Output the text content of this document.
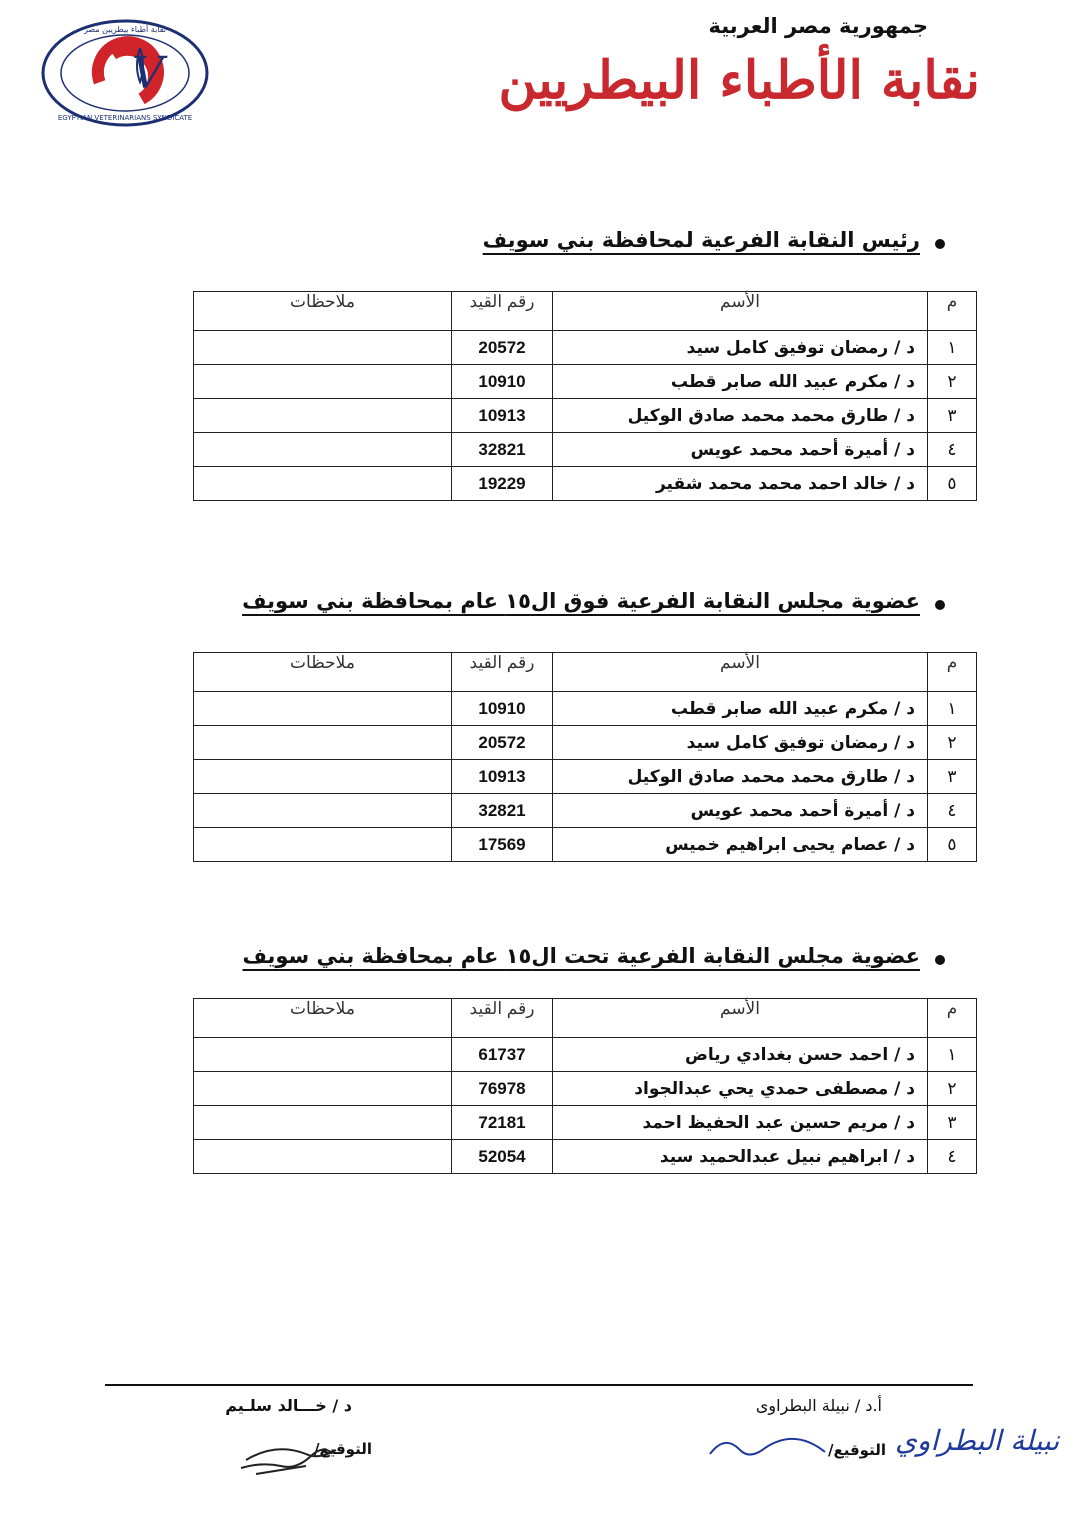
V
EGYPTIAN VETERINARIANS SYNDICATE
نقابة أطباء بيطريين مصر	جمهورية مصر العربية
نقابة الأطباء البيطريين
رئيس النقابة الفرعية لمحافظة بني سويف
م	الأسم	رقم القيد	ملاحظات
١	د / رمضان توفيق كامل سيد	20572	
٢	د / مكرم عبيد الله صابر قطب	10910	
٣	د / طارق محمد محمد صادق الوكيل	10913	
٤	د / أميرة أحمد محمد عويس	32821	
٥	د / خالد احمد محمد محمد شقير	19229	
عضوية مجلس النقابة الفرعية فوق ال١٥ عام بمحافظة بني سويف
م	الأسم	رقم القيد	ملاحظات
١	د / مكرم عبيد الله صابر قطب	10910	
٢	د / رمضان توفيق كامل سيد	20572	
٣	د / طارق محمد محمد صادق الوكيل	10913	
٤	د / أميرة أحمد محمد عويس	32821	
٥	د / عصام يحيى ابراهيم خميس	17569	
عضوية مجلس النقابة الفرعية تحت ال١٥ عام بمحافظة بني سويف
م	الأسم	رقم القيد	ملاحظات
١	د / احمد حسن بغدادي رياض	61737	
٢	د / مصطفى حمدي يحي عبدالجواد	76978	
٣	د / مريم حسين عبد الحفيظ احمد	72181	
٤	د / ابراهيم نبيل عبدالحميد سيد	52054	
أ.د / نبيلة البطراوى
التوقيع/ نبيلة البطراوي
د / خـــالد سلـيم
التوقيع/
